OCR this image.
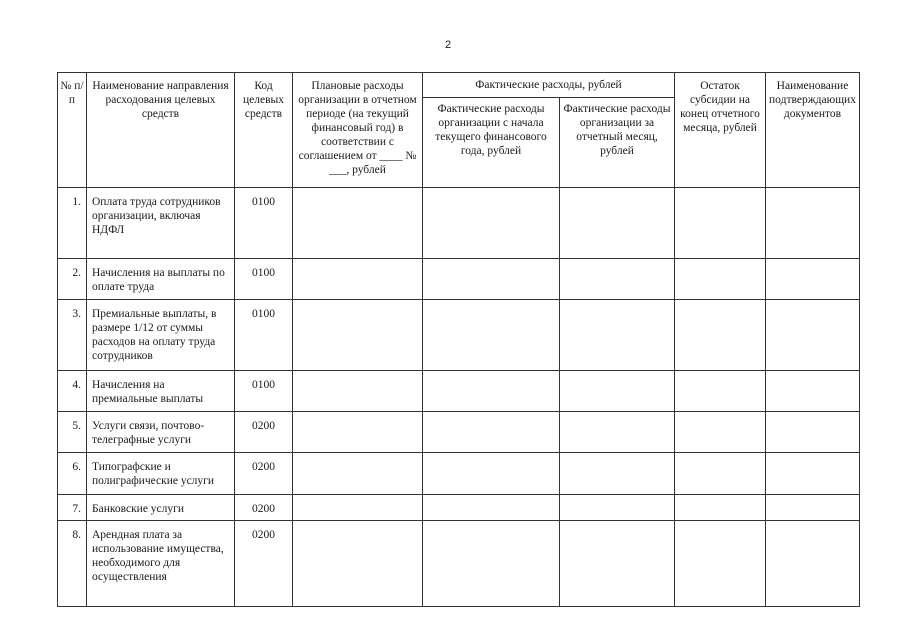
2
№ п/п	Наименование направления расходования целевых средств	Код целевых средств	Плановые расходы организации в отчетном периоде (на текущий финансовый год) в соответствии с соглашением от ____ № ___, рублей	Фактические расходы, рублей		Остаток субсидии на конец отчетного месяца, рублей	Наименование подтверждающих документов
				Фактические расходы организации с начала текущего финансового года, рублей	Фактические расходы организации за отчетный месяц, рублей		
1.	Оплата труда сотрудников организации, включая НДФЛ	0100					
2.	Начисления на выплаты по оплате труда	0100					
3.	Премиальные выплаты, в размере 1/12 от суммы расходов на оплату труда сотрудников	0100					
4.	Начисления на премиальные выплаты	0100					
5.	Услуги связи, почтово-телеграфные услуги	0200					
6.	Типографские и полиграфические услуги	0200					
7.	Банковские услуги	0200					
8.	Арендная плата за использование имущества, необходимого для осуществления	0200					
